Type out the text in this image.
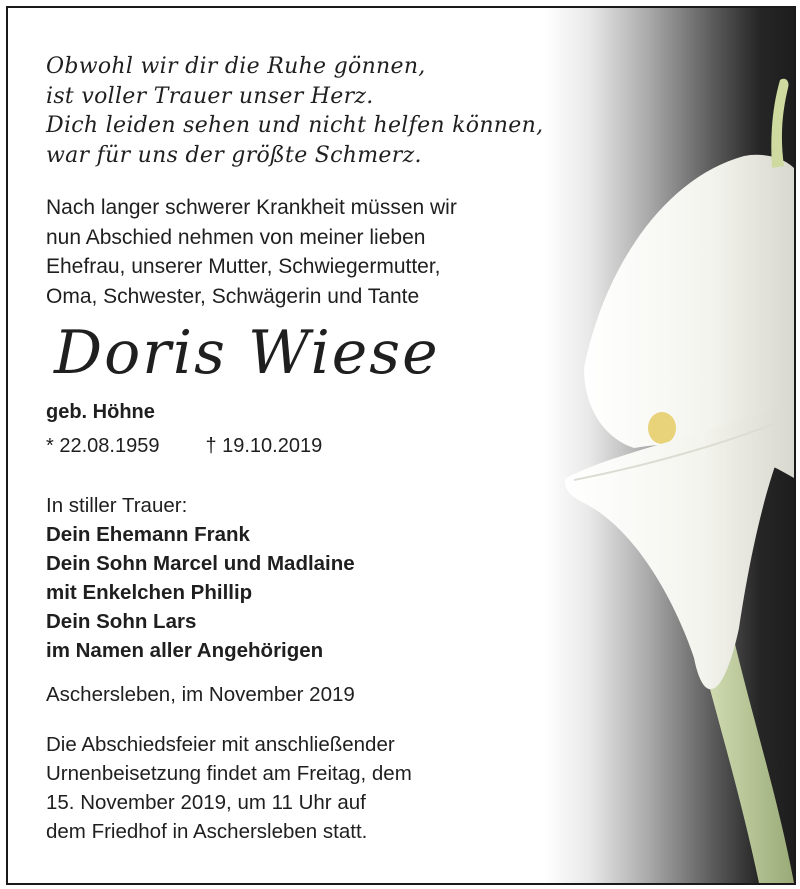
Obwohl wir dir die Ruhe gönnen,
ist voller Trauer unser Herz.
Dich leiden sehen und nicht helfen können,
war für uns der größte Schmerz.
Nach langer schwerer Krankheit müssen wir
nun Abschied nehmen von meiner lieben
Ehefrau, unserer Mutter, Schwiegermutter,
Oma, Schwester, Schwägerin und Tante
Doris Wiese
geb. Höhne
* 22.08.1959 † 19.10.2019
In stiller Trauer:
Dein Ehemann Frank
Dein Sohn Marcel und Madlaine
mit Enkelchen Phillip
Dein Sohn Lars
im Namen aller Angehörigen
Aschersleben, im November 2019
Die Abschiedsfeier mit anschließender
Urnenbeisetzung findet am Freitag, dem
15. November 2019, um 11 Uhr auf
dem Friedhof in Aschersleben statt.
